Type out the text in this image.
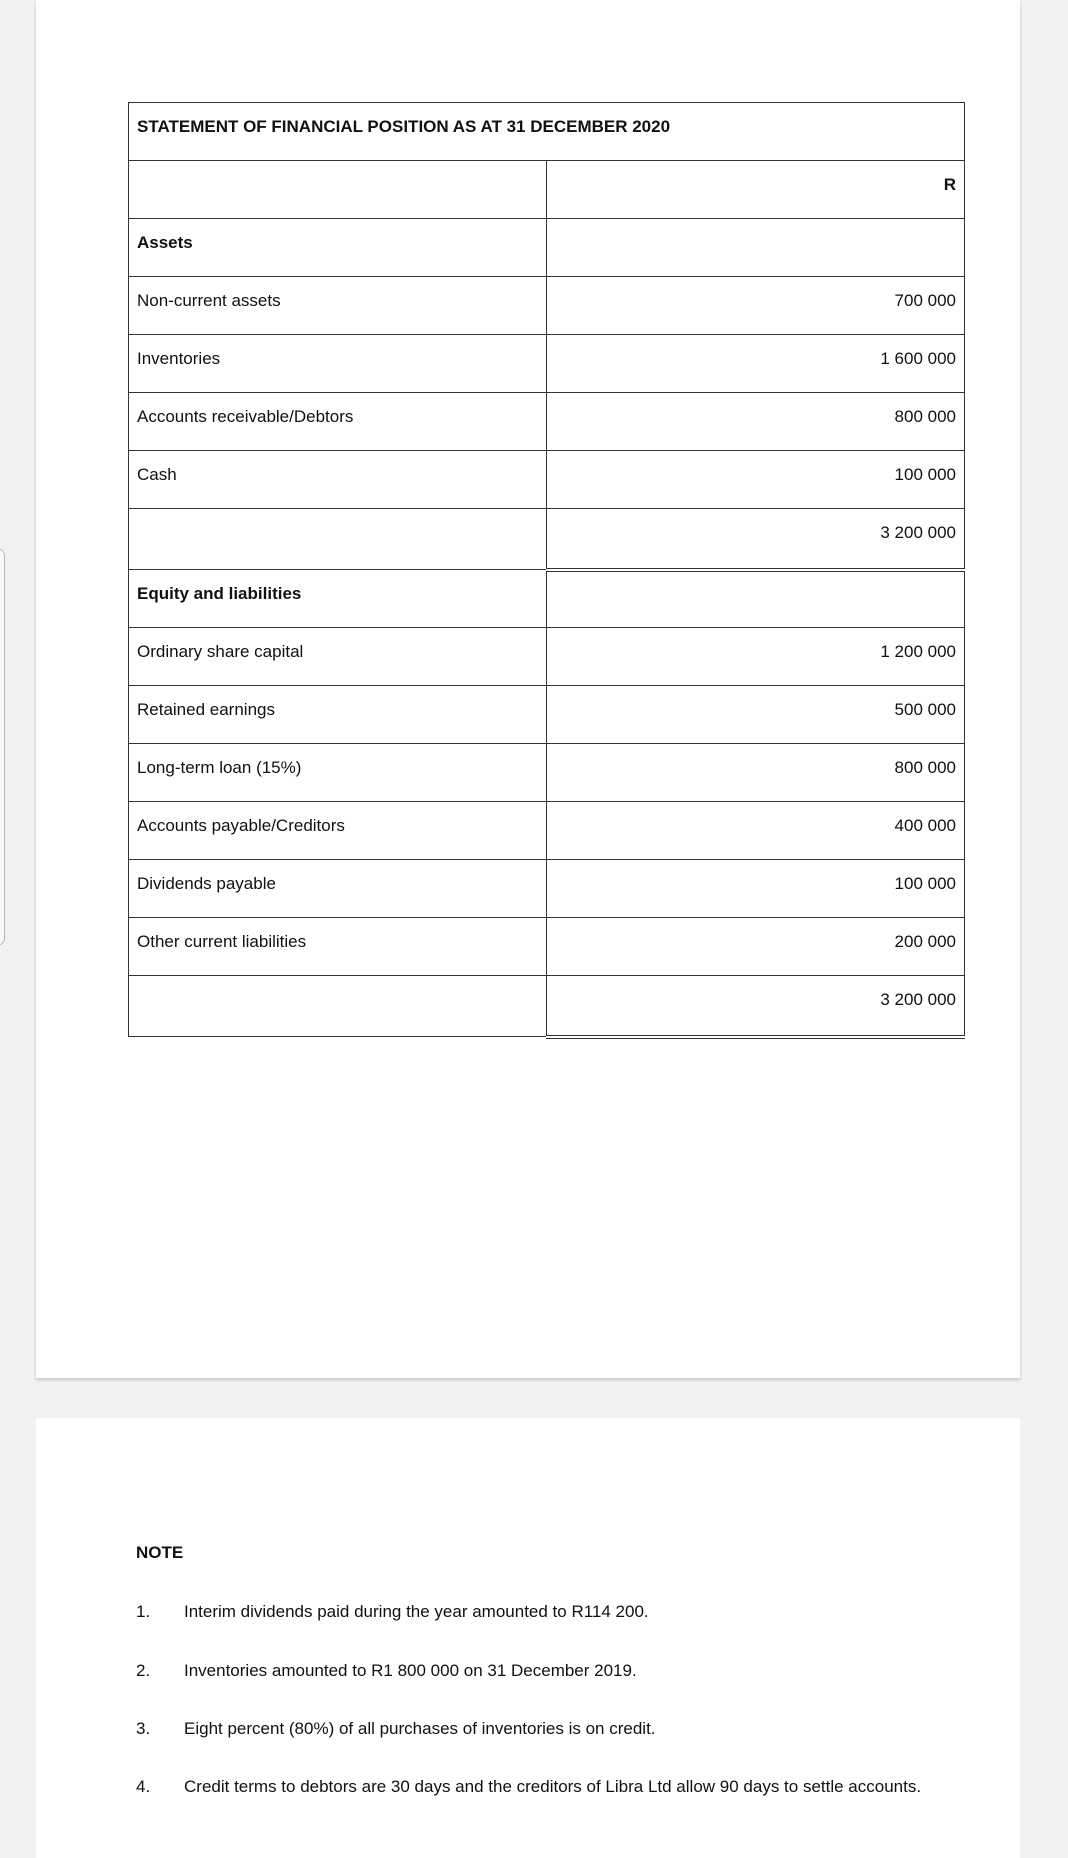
STATEMENT OF FINANCIAL POSITION AS AT 31 DECEMBER 2020	
	R
Assets	
Non-current assets	700 000
Inventories	1 600 000
Accounts receivable/Debtors	800 000
Cash	100 000
	3 200 000
Equity and liabilities	
Ordinary share capital	1 200 000
Retained earnings	500 000
Long-term loan (15%)	800 000
Accounts payable/Creditors	400 000
Dividends payable	100 000
Other current liabilities	200 000
	3 200 000
NOTE
1.	Interim dividends paid during the year amounted to R114 200.
2.	Inventories amounted to R1 800 000 on 31 December 2019.
3.	Eight percent (80%) of all purchases of inventories is on credit.
4.	Credit terms to debtors are 30 days and the creditors of Libra Ltd allow 90 days to settle accounts.
